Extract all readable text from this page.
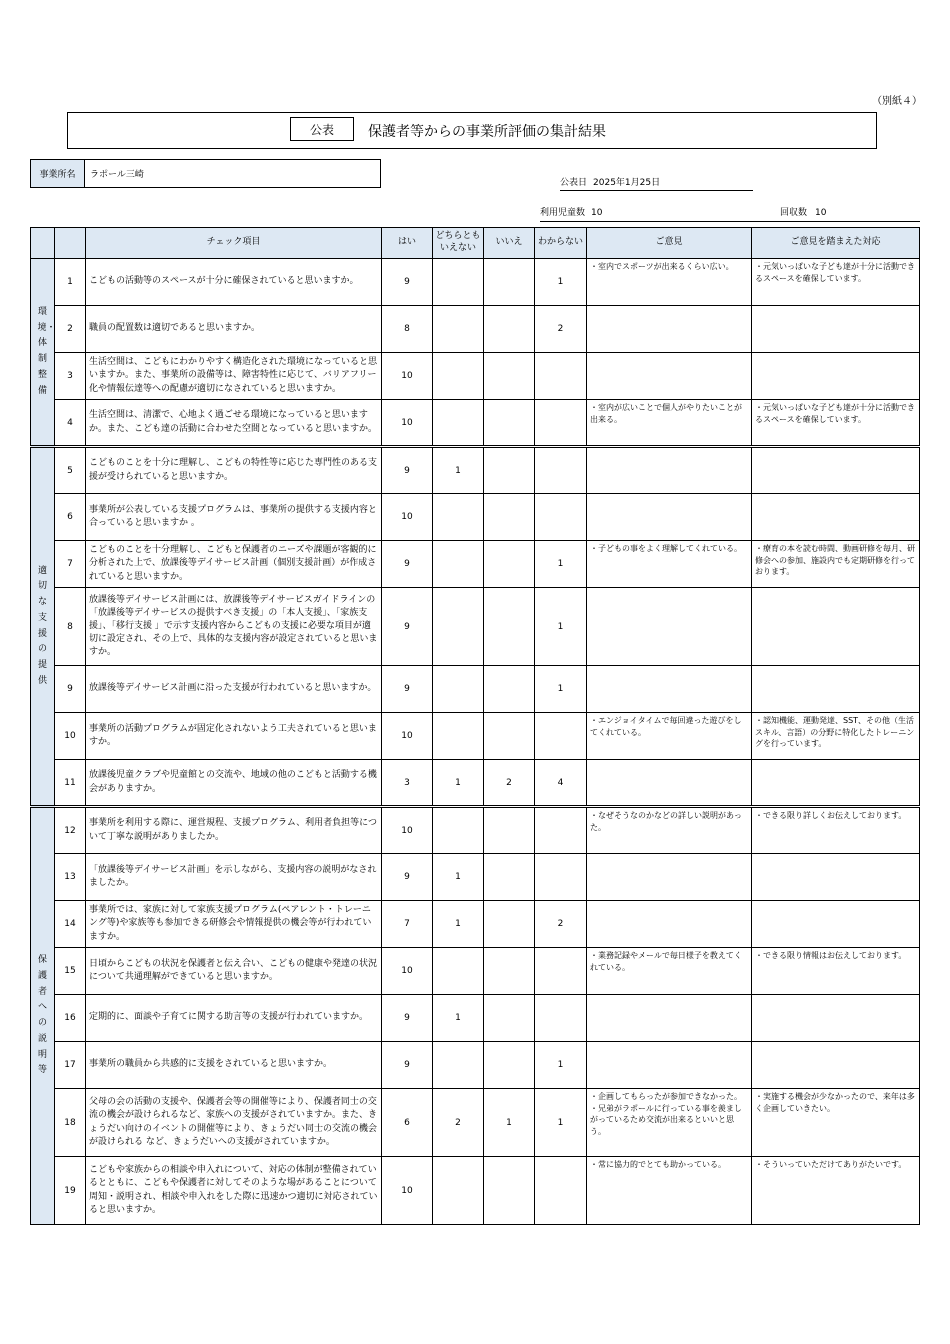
（別紙４）
公表	保護者等からの事業所評価の集計結果
事業所名	ラポール三崎
公表日 2025年1月25日
利用児童数 10	回収数 10
		チェック項目	はい	どちらとも
いえない	いいえ	わからない	ご意見	ご意見を踏まえた対応
環境・体制整備	1	こどもの活動等のスペースが十分に確保されていると思いますか。	9			1	・室内でスポーツが出来るくらい広い。	・元気いっぱいな子ども達が十分に活動できるスペースを確保しています。
	2	職員の配置数は適切であると思いますか。	8			2		
	3	生活空間は、こどもにわかりやすく構造化された環境になっていると思いますか。また、事業所の設備等は、障害特性に応じて、バリアフリー化や情報伝達等への配慮が適切になされていると思いますか。	10					
	4	生活空間は、清潔で、心地よく過ごせる環境になっていると思いますか。また、こども達の活動に合わせた空間となっていると思いますか。	10				・室内が広いことで個人がやりたいことが出来る。	・元気いっぱいな子ども達が十分に活動できるスペースを確保しています。
適切な支援の提供	5	こどものことを十分に理解し、こどもの特性等に応じた専門性のある支援が受けられていると思いますか。	9	1				
	6	事業所が公表している支援プログラムは、事業所の提供する支援内容と合っていると思いますか 。	10					
	7	こどものことを十分理解し、こどもと保護者のニーズや課題が客観的に分析された上で、放課後等デイサービス計画（個別支援計画）が作成されていると思いますか。	9			1	・子どもの事をよく理解してくれている。	・療育の本を読む時間、動画研修を毎月、研修会への参加、施設内でも定期研修を行っております。
	8	放課後等デイサービス計画には、放課後等デイサービスガイドラインの「放課後等デイサービスの提供すべき支援」の「本人支援」、「家族支援」、「移行支援 」で示す支援内容からこどもの支援に必要な項目が適切に設定され、その上で、具体的な支援内容が設定されていると思いますか。	9			1		
	9	放課後等デイサービス計画に沿った支援が行われていると思いますか。	9			1		
	10	事業所の活動プログラムが固定化されないよう工夫されていると思いますか。	10				・エンジョイタイムで毎回違った遊びをしてくれている。	・認知機能、運動発達、SST、その他（生活スキル、言語）の分野に特化したトレーニングを行っています。
	11	放課後児童クラブや児童館との交流や、地域の他のこどもと活動する機会がありますか。	3	1	2	4		
保護者への説明等	12	事業所を利用する際に、運営規程、支援プログラム、利用者負担等について丁寧な説明がありましたか。	10				・なぜそうなのかなどの詳しい説明があった。	・できる限り詳しくお伝えしております。
	13	「放課後等デイサービス計画」を示しながら、支援内容の説明がなされましたか。	9	1				
	14	事業所では、家族に対して家族支援プログラム(ペアレント・トレーニング等)や家族等も参加できる研修会や情報提供の機会等が行われていますか。	7	1		2		
	15	日頃からこどもの状況を保護者と伝え合い、こどもの健康や発達の状況について共通理解ができていると思いますか。	10				・業務記録やメールで毎日様子を教えてくれている。	・できる限り情報はお伝えしております。
	16	定期的に、面談や子育てに関する助言等の支援が行われていますか。	9	1				
	17	事業所の職員から共感的に支援をされていると思いますか。	9			1		
	18	父母の会の活動の支援や、保護者会等の開催等により、保護者同士の交流の機会が設けられるなど、家族への支援がされていますか。また、きょうだい向けのイベントの開催等により、きょうだい同士の交流の機会が設けられる など、きょうだいへの支援がされていますか。	6	2	1	1	・企画してもらったが参加できなかった。
・兄弟がラポールに行っている事を羨ましがっているため交流が出来るといいと思う。	・実施する機会が少なかったので、来年は多く企画していきたい。
	19	こどもや家族からの相談や申入れについて、対応の体制が整備されているとともに、こどもや保護者に対してそのような場があることについて周知・説明され、相談や申入れをした際に迅速かつ適切に対応されていると思いますか。	10				・常に協力的でとても助かっている。	・そういっていただけてありがたいです。
